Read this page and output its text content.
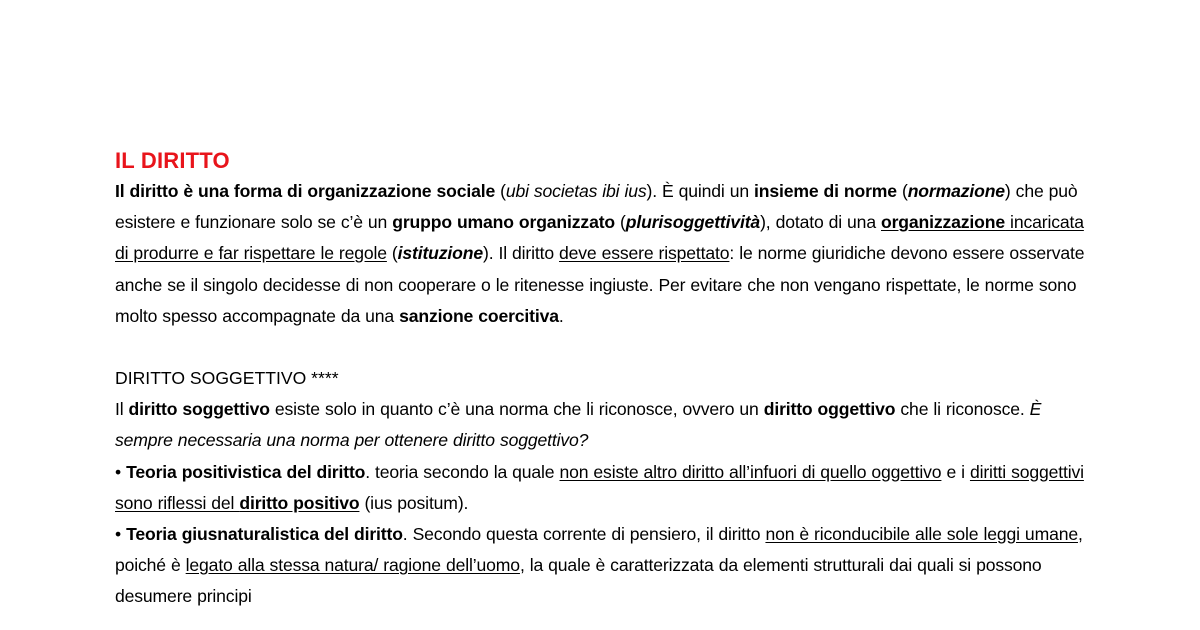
IL DIRITTO

Il diritto è una forma di organizzazione sociale (ubi societas ibi ius). È quindi un insieme di norme (normazione) che può esistere e funzionare solo se c’è un gruppo umano organizzato (plurisoggettività), dotato di una organizzazione incaricata di produrre e far rispettare le regole (istituzione). Il diritto deve essere rispettato: le norme giuridiche devono essere osservate anche se il singolo decidesse di non cooperare o le ritenesse ingiuste. Per evitare che non vengano rispettate, le norme sono molto spesso accompagnate da una sanzione coercitiva.

DIRITTO SOGGETTIVO ****

Il diritto soggettivo esiste solo in quanto c’è una norma che li riconosce, ovvero un diritto oggettivo che li riconosce. È sempre necessaria una norma per ottenere diritto soggettivo?

• Teoria positivistica del diritto. teoria secondo la quale non esiste altro diritto all’infuori di quello oggettivo e i diritti soggettivi sono riflessi del diritto positivo (ius positum).

• Teoria giusnaturalistica del diritto. Secondo questa corrente di pensiero, il diritto non è riconducibile alle sole leggi umane, poiché è legato alla stessa natura/ ragione dell’uomo, la quale è caratterizzata da elementi strutturali dai quali si possono desumere principi
